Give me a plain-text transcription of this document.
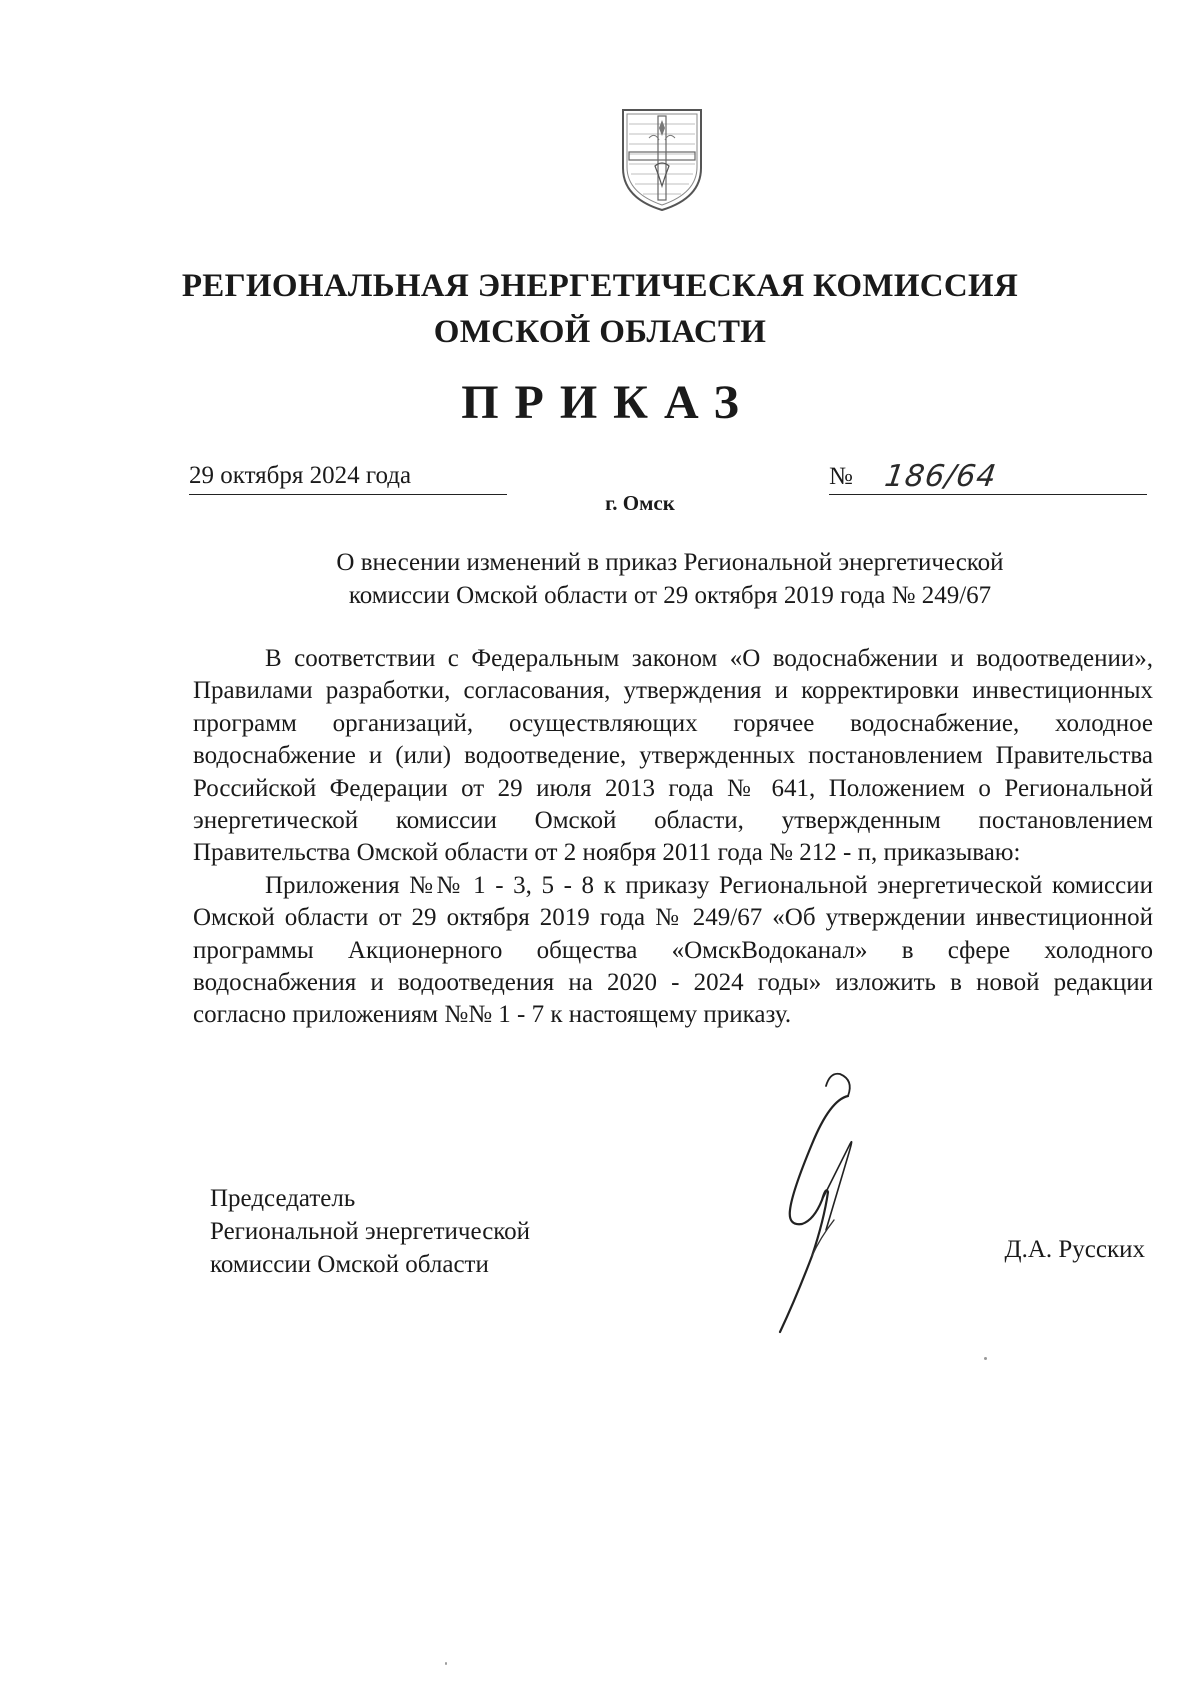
РЕГИОНАЛЬНАЯ ЭНЕРГЕТИЧЕСКАЯ КОМИССИЯ
ОМСКОЙ ОБЛАСТИ
ПРИКАЗ
29 октября 2024 года	№ 186/64
г. Омск
О внесении изменений в приказ Региональной энергетической
комиссии Омской области от 29 октября 2019 года № 249/67

В соответствии с Федеральным законом «О водоснабжении и водоотведении», Правилами разработки, согласования, утверждения и корректировки инвестиционных программ организаций, осуществляющих горячее водоснабжение, холодное водоснабжение и (или) водоотведение, утвержденных постановлением Правительства Российской Федерации от 29 июля 2013 года № 641, Положением о Региональной энергетической комиссии Омской области, утвержденным постановлением Правительства Омской области от 2 ноября 2011 года № 212 - п, приказываю:

Приложения №№ 1 - 3, 5 - 8 к приказу Региональной энергетической комиссии Омской области от 29 октября 2019 года № 249/67 «Об утверждении инвестиционной программы Акционерного общества «ОмскВодоканал» в сфере холодного водоснабжения и водоотведения на 2020 - 2024 годы» изложить в новой редакции согласно приложениям №№ 1 - 7 к настоящему приказу.

Председатель
Региональной энергетической
комиссии Омской области
Д.А. Русских
